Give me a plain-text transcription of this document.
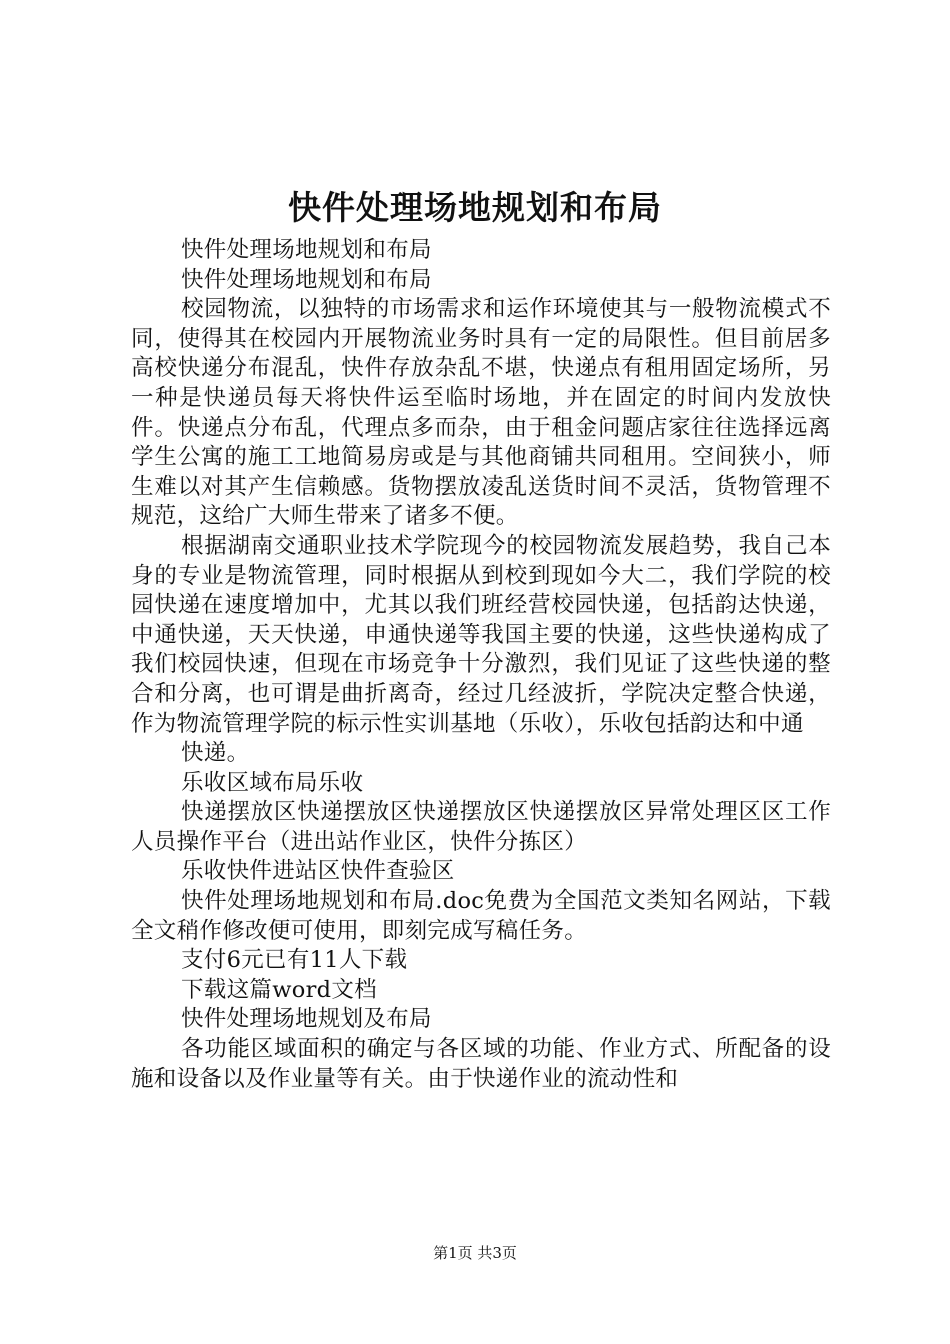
快件处理场地规划和布局

快件处理场地规划和布局

快件处理场地规划和布局

校园物流，以独特的市场需求和运作环境使其与一般物流模式不同，使得其在校园内开展物流业务时具有一定的局限性。但目前居多高校快递分布混乱，快件存放杂乱不堪，快递点有租用固定场所，另一种是快递员每天将快件运至临时场地，并在固定的时间内发放快件。快递点分布乱，代理点多而杂，由于租金问题店家往往选择远离学生公寓的施工工地简易房或是与其他商铺共同租用。空间狭小，师生难以对其产生信赖感。货物摆放凌乱送货时间不灵活，货物管理不规范，这给广大师生带来了诸多不便。

根据湖南交通职业技术学院现今的校园物流发展趋势，我自己本身的专业是物流管理，同时根据从到校到现如今大二，我们学院的校园快递在速度增加中，尤其以我们班经营校园快递，包括韵达快递，中通快递，天天快递，申通快递等我国主要的快递，这些快递构成了我们校园快速，但现在市场竞争十分激烈，我们见证了这些快递的整合和分离，也可谓是曲折离奇，经过几经波折，学院决定整合快递，作为物流管理学院的标示性实训基地（乐收），乐收包括韵达和中通

快递。

乐收区域布局乐收

快递摆放区快递摆放区快递摆放区快递摆放区异常处理区区工作人员操作平台（进出站作业区，快件分拣区）

乐收快件进站区快件查验区

快件处理场地规划和布局.doc免费为全国范文类知名网站，下载全文稍作修改便可使用，即刻完成写稿任务。

支付6元已有11人下载

下载这篇word文档

快件处理场地规划及布局

各功能区域面积的确定与各区域的功能、作业方式、所配备的设施和设备以及作业量等有关。由于快递作业的流动性和

第1页 共3页
